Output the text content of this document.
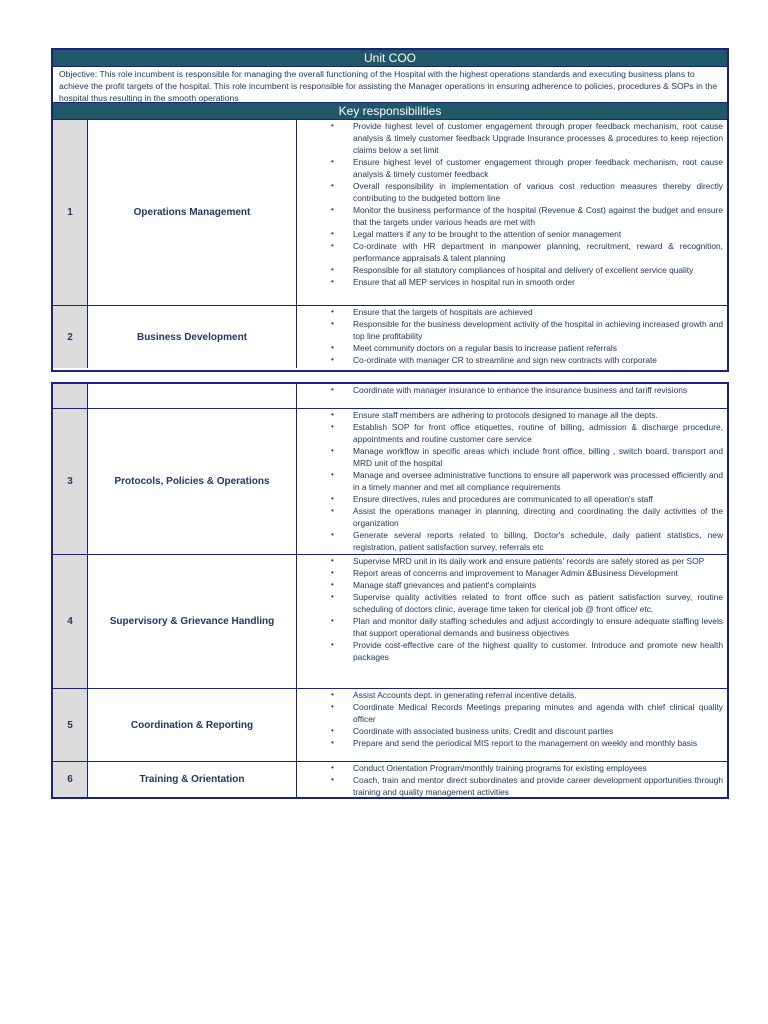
Unit COO
Objective: This role incumbent is responsible for managing the overall functioning of the Hospital with the highest operations standards and executing business plans to achieve the profit targets of the hospital. This role incumbent is responsible for assisting the Manager operations in ensuring adherence to policies, procedures & SOPs in the hospital thus resulting in the smooth operations
Key responsibilities
1	Operations Management
• Provide highest level of customer engagement through proper feedback mechanism, root cause analysis & timely customer feedback Upgrade Insurance processes & procedures to keep rejection claims below a set limit
• Ensure highest level of customer engagement through proper feedback mechanism, root cause analysis & timely customer feedback
• Overall responsibility in implementation of various cost reduction measures thereby directly contributing to the budgeted bottom line
• Monitor the business performance of the hospital (Revenue & Cost) against the budget and ensure that the targets under various heads are met with
• Legal matters if any to be brought to the attention of senior management
• Co-ordinate with HR department in manpower planning, recruitment, reward & recognition, performance appraisals & talent planning
• Responsible for all statutory compliances of hospital and delivery of excellent service quality
• Ensure that all MEP services in hospital run in smooth order
2	Business Development
• Ensure that the targets of hospitals are achieved
• Responsible for the business development activity of the hospital in achieving increased growth and top line profitability
• Meet community doctors on a regular basis to increase patient referrals
• Co-ordinate with manager CR to streamline and sign new contracts with corporate
• Coordinate with manager insurance to enhance the insurance business and tariff revisions
3	Protocols, Policies & Operations
• Ensure staff members are adhering to protocols designed to manage all the depts.
• Establish SOP for front office etiquettes, routine of billing, admission & discharge procedure, appointments and routine customer care service
• Manage workflow in specific areas which include front office, billing , switch board, transport and MRD unit of the hospital
• Manage and oversee administrative functions to ensure all paperwork was processed efficiently and in a timely manner and met all compliance requirements
• Ensure directives, rules and procedures are communicated to all operation's staff
• Assist the operations manager in planning, directing and coordinating the daily activities of the organization
• Generate several reports related to billing, Doctor's schedule, daily patient statistics, new registration, patient satisfaction survey, referrals etc
4	Supervisory & Grievance Handling
• Supervise MRD unit in its daily work and ensure patients' records are safely stored as per SOP
• Report areas of concerns and improvement to Manager Admin &Business Development
• Manage staff grievances and patient's complaints
• Supervise quality activities related to front office such as patient satisfaction survey, routine scheduling of doctors clinic, average time taken for clerical job @ front office/ etc.
• Plan and monitor daily staffing schedules and adjust accordingly to ensure adequate staffing levels that support operational demands and business objectives
• Provide cost-effective care of the highest quality to customer. Introduce and promote new health packages
5	Coordination & Reporting
• Assist Accounts dept. in generating referral incentive details.
• Coordinate Medical Records Meetings preparing minutes and agenda with chief clinical quality officer
• Coordinate with associated business units, Credit and discount parties
• Prepare and send the periodical MIS report to the management on weekly and monthly basis
6	Training & Orientation
• Conduct Orientation Program/monthly training programs for existing employees
• Coach, train and mentor direct subordinates and provide career development opportunities through training and quality management activities
